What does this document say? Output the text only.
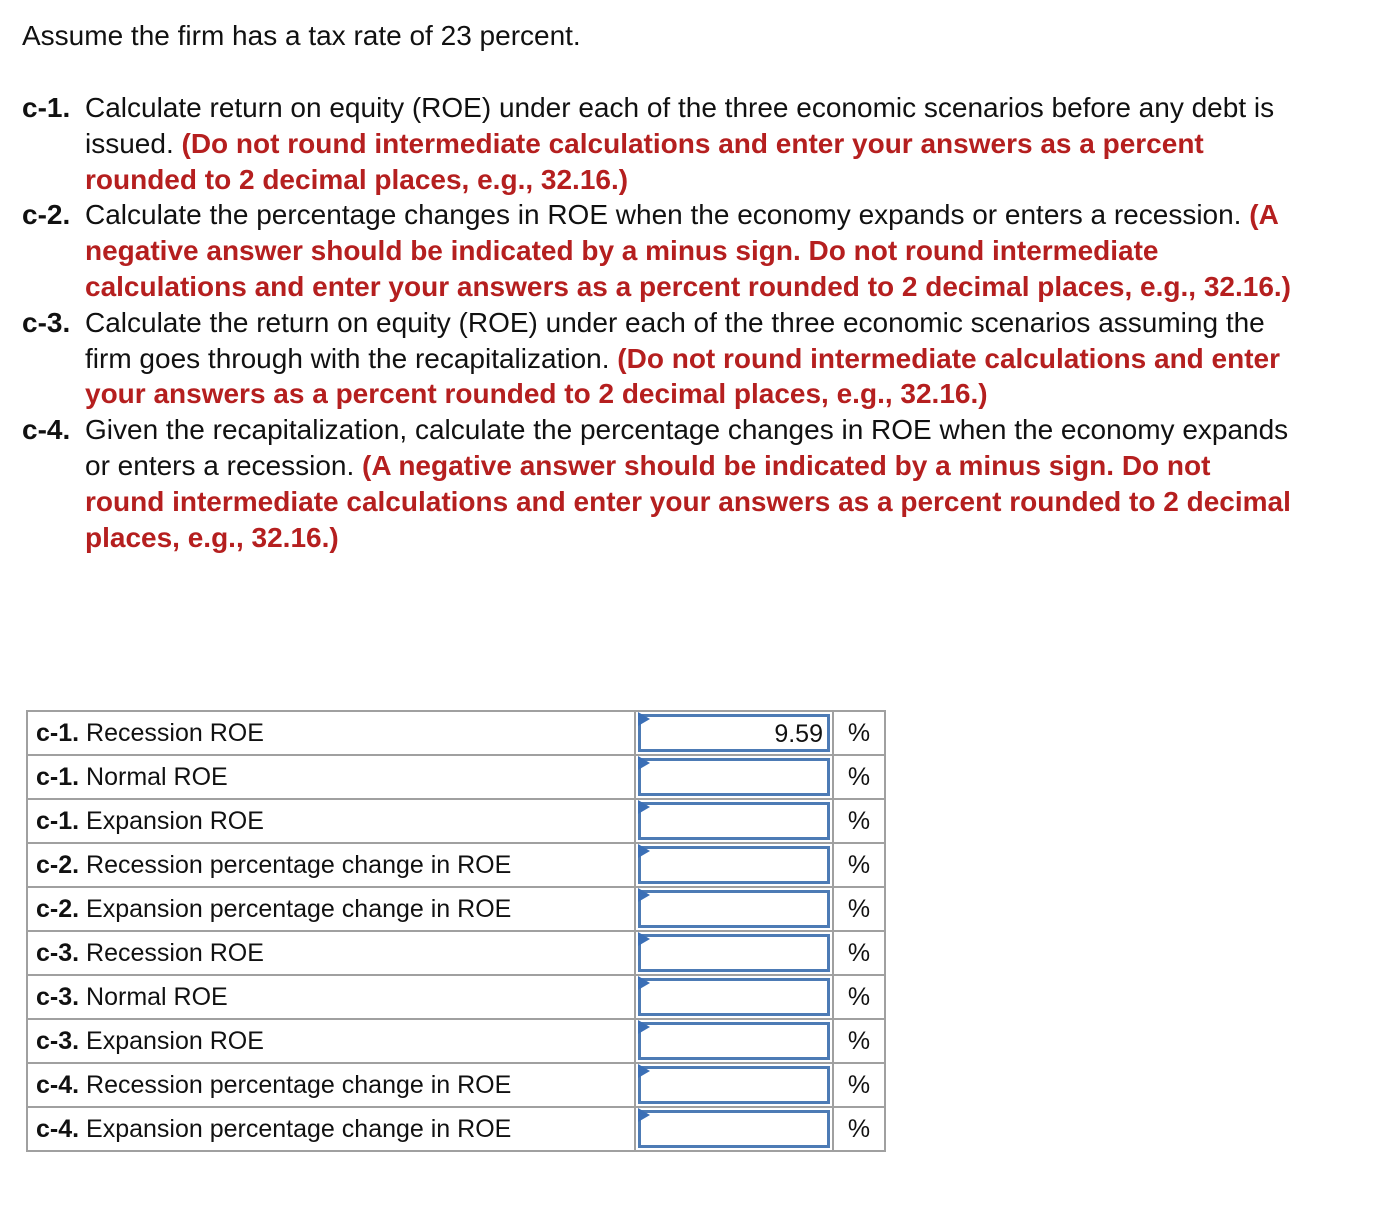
Assume the firm has a tax rate of 23 percent.

c-1. Calculate return on equity (ROE) under each of the three economic scenarios before any debt is issued. (Do not round intermediate calculations and enter your answers as a percent rounded to 2 decimal places, e.g., 32.16.)
c-2. Calculate the percentage changes in ROE when the economy expands or enters a recession. (A negative answer should be indicated by a minus sign. Do not round intermediate calculations and enter your answers as a percent rounded to 2 decimal places, e.g., 32.16.)
c-3. Calculate the return on equity (ROE) under each of the three economic scenarios assuming the firm goes through with the recapitalization. (Do not round intermediate calculations and enter your answers as a percent rounded to 2 decimal places, e.g., 32.16.)
c-4. Given the recapitalization, calculate the percentage changes in ROE when the economy expands or enters a recession. (A negative answer should be indicated by a minus sign. Do not round intermediate calculations and enter your answers as a percent rounded to 2 decimal places, e.g., 32.16.)
c-1. Recession ROE	9.59	%
c-1. Normal ROE		%
c-1. Expansion ROE		%
c-2. Recession percentage change in ROE		%
c-2. Expansion percentage change in ROE		%
c-3. Recession ROE		%
c-3. Normal ROE		%
c-3. Expansion ROE		%
c-4. Recession percentage change in ROE		%
c-4. Expansion percentage change in ROE		%
